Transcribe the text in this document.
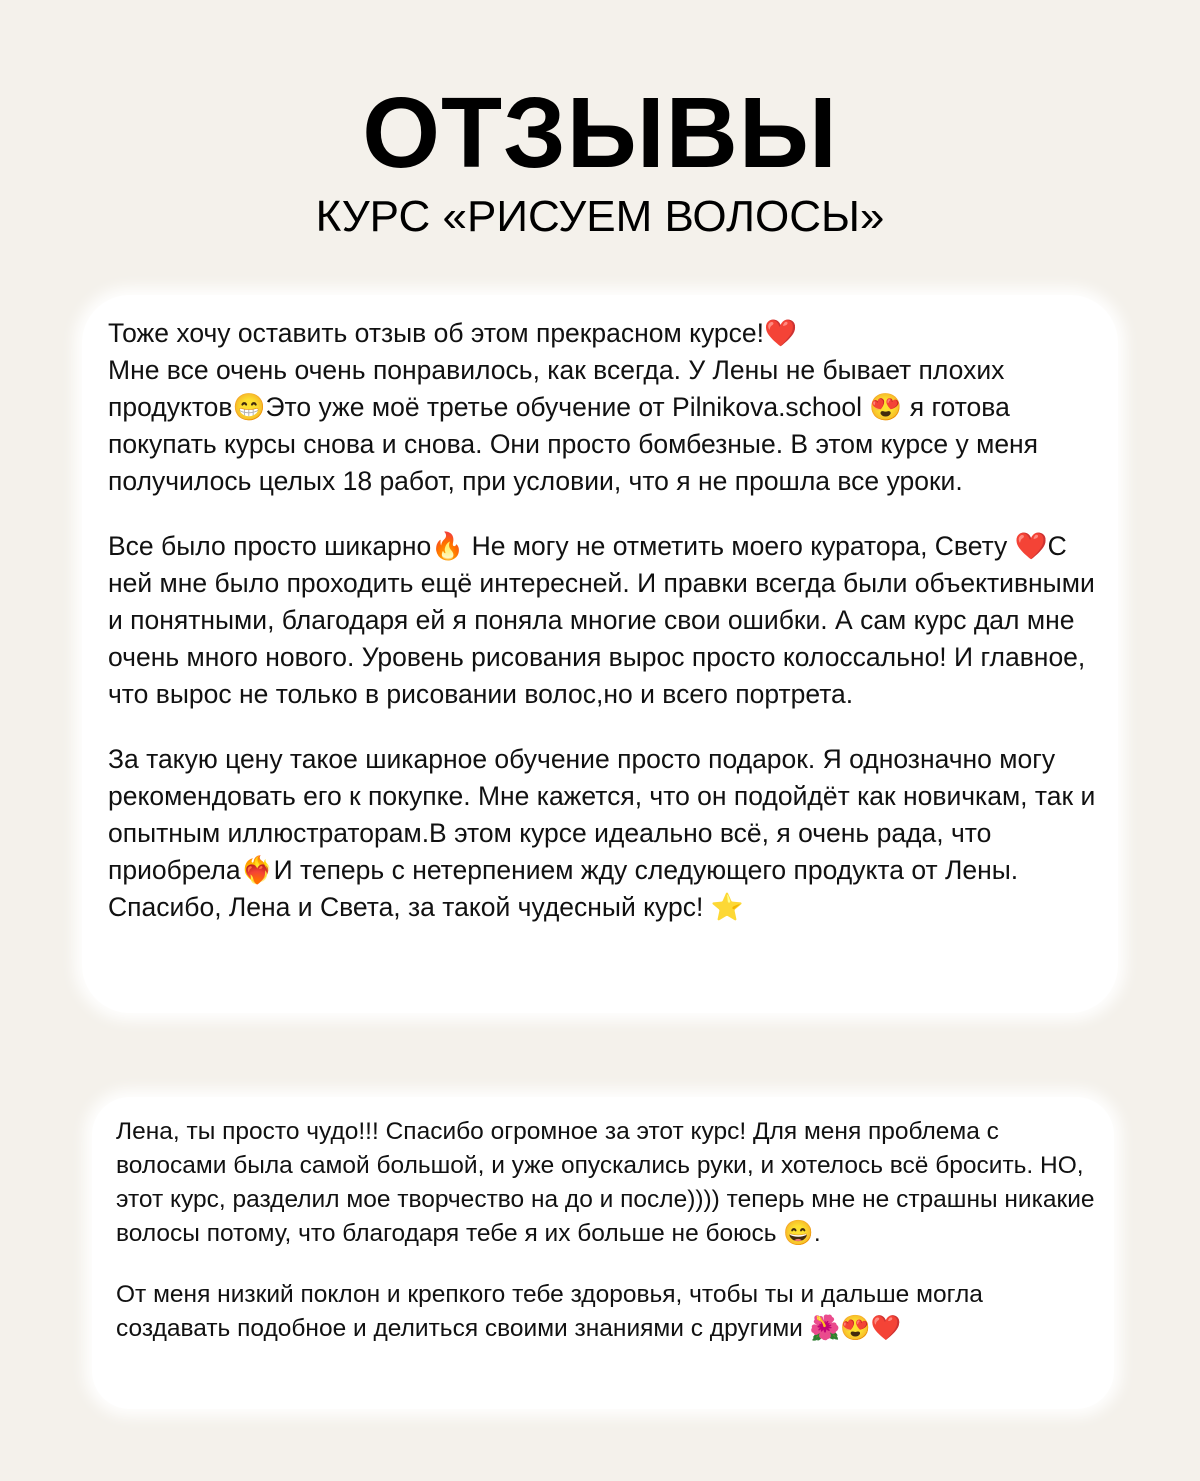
ОТЗЫВЫ
КУРС «РИСУЕМ ВОЛОСЫ»

Тоже хочу оставить отзыв об этом прекрасном курсе!❤️
Мне все очень очень понравилось, как всегда. У Лены не бывает плохих продуктов😁Это уже моё третье обучение от Pilnikova.school 😍 я готова покупать курсы снова и снова. Они просто бомбезные. В этом курсе у меня получилось целых 18 работ, при условии, что я не прошла все уроки.

Все было просто шикарно🔥 Не могу не отметить моего куратора, Свету ❤️С ней мне было проходить ещё интересней. И правки всегда были объективными и понятными, благодаря ей я поняла многие свои ошибки. А сам курс дал мне очень много нового. Уровень рисования вырос просто колоссально! И главное, что вырос не только в рисовании волос,но и всего портрета.

За такую цену такое шикарное обучение просто подарок. Я однозначно могу рекомендовать его к покупке. Мне кажется, что он подойдёт как новичкам, так и опытным иллюстраторам.В этом курсе идеально всё, я очень рада, что приобрела❤️‍🔥И теперь с нетерпением жду следующего продукта от Лены. Спасибо, Лена и Света, за такой чудесный курс! ⭐

Лена, ты просто чудо!!! Спасибо огромное за этот курс! Для меня проблема с волосами была самой большой, и уже опускались руки, и хотелось всё бросить. НО, этот курс, разделил мое творчество на до и после)))) теперь мне не страшны никакие волосы потому, что благодаря тебе я их больше не боюсь 😄.

От меня низкий поклон и крепкого тебе здоровья, чтобы ты и дальше могла создавать подобное и делиться своими знаниями с другими 🌺😍❤️
